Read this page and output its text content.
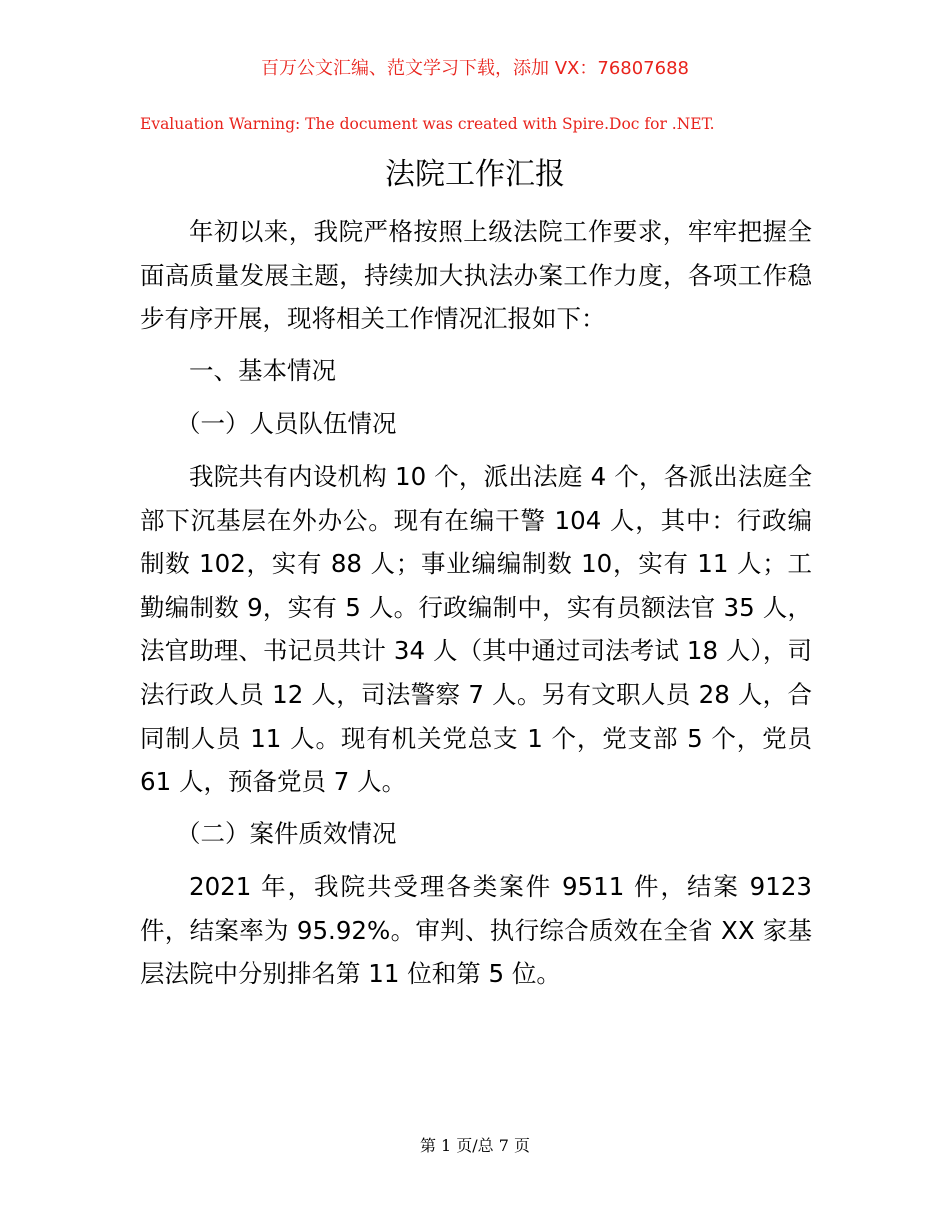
百万公文汇编、范文学习下载，添加 VX：76807688
Evaluation Warning: The document was created with Spire.Doc for .NET.
法院工作汇报
年初以来，我院严格按照上级法院工作要求，牢牢把握全面高质量发展主题，持续加大执法办案工作力度，各项工作稳步有序开展，现将相关工作情况汇报如下：
一、基本情况
（一）人员队伍情况
我院共有内设机构 10 个，派出法庭 4 个，各派出法庭全部下沉基层在外办公。现有在编干警 104 人，其中：行政编制数 102，实有 88 人；事业编编制数 10，实有 11 人；工勤编制数 9，实有 5 人。行政编制中，实有员额法官 35 人，法官助理、书记员共计 34 人（其中通过司法考试 18 人），司法行政人员 12 人，司法警察 7 人。另有文职人员 28 人，合同制人员 11 人。现有机关党总支 1 个，党支部 5 个，党员 61 人，预备党员 7 人。
（二）案件质效情况
2021 年，我院共受理各类案件 9511 件，结案 9123 件，结案率为 95.92%。审判、执行综合质效在全省 XX 家基层法院中分别排名第 11 位和第 5 位。
第 1 页/总 7 页
